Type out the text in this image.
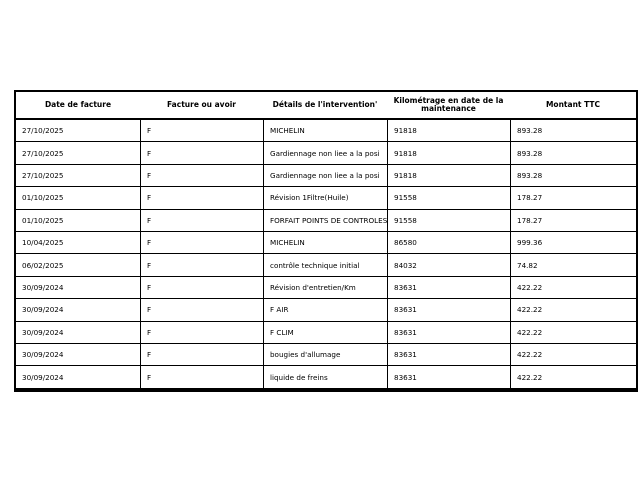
Date de facture	Facture ou avoir	Détails de l'intervention'	Kilométrage en date de la maintenance	Montant TTC
27/10/2025	F	MICHELIN	91818	893.28
27/10/2025	F	Gardiennage non liee a la posi	91818	893.28
27/10/2025	F	Gardiennage non liee a la posi	91818	893.28
01/10/2025	F	Révision 1Filtre(Huile)	91558	178.27
01/10/2025	F	FORFAIT POINTS DE CONTROLES	91558	178.27
10/04/2025	F	MICHELIN	86580	999.36
06/02/2025	F	contrôle technique initial	84032	74.82
30/09/2024	F	Révision d'entretien/Km	83631	422.22
30/09/2024	F	F AIR	83631	422.22
30/09/2024	F	F CLIM	83631	422.22
30/09/2024	F	bougies d'allumage	83631	422.22
30/09/2024	F	liquide de freins	83631	422.22
